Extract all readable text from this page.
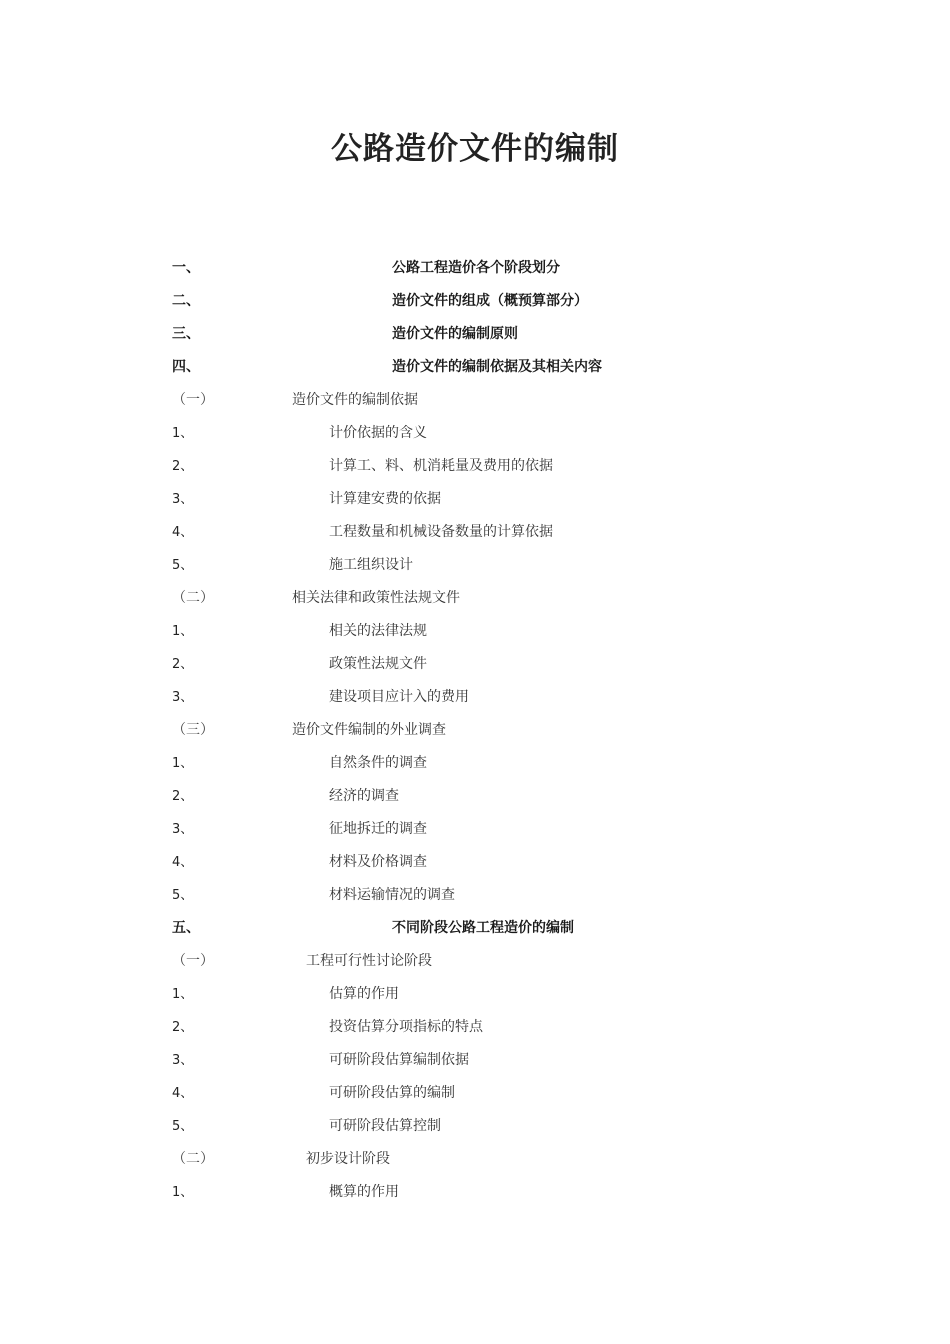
公路造价文件的编制
一、	公路工程造价各个阶段划分
二、	造价文件的组成（概预算部分）
三、	造价文件的编制原则
四、	造价文件的编制依据及其相关内容
（一）	造价文件的编制依据
1、	计价依据的含义
2、	计算工、料、机消耗量及费用的依据
3、	计算建安费的依据
4、	工程数量和机械设备数量的计算依据
5、	施工组织设计
（二）	相关法律和政策性法规文件
1、	相关的法律法规
2、	政策性法规文件
3、	建设项目应计入的费用
（三）	造价文件编制的外业调查
1、	自然条件的调查
2、	经济的调查
3、	征地拆迁的调查
4、	材料及价格调查
5、	材料运输情况的调查
五、	不同阶段公路工程造价的编制
（一）	工程可行性讨论阶段
1、	估算的作用
2、	投资估算分项指标的特点
3、	可研阶段估算编制依据
4、	可研阶段估算的编制
5、	可研阶段估算控制
（二）	初步设计阶段
1、	概算的作用
